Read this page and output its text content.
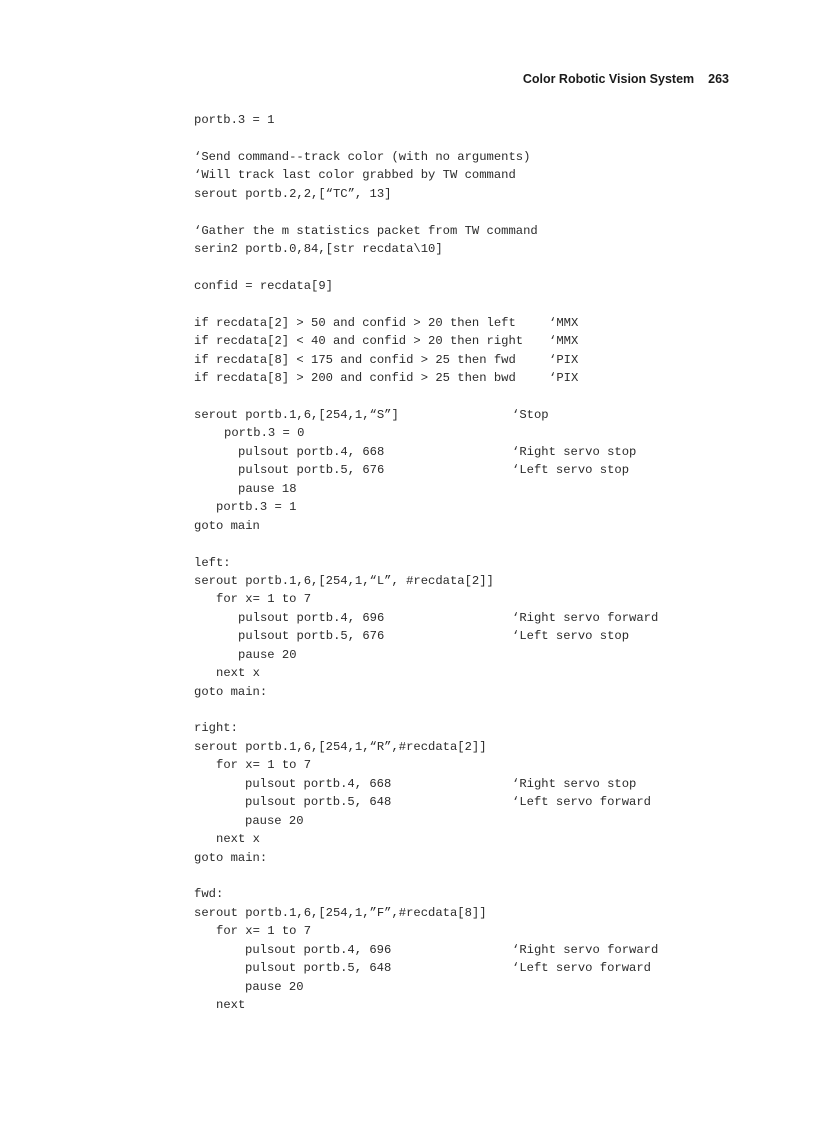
Color Robotic Vision System 263
portb.3 = 1
‘Send command--track color (with no arguments)
‘Will track last color grabbed by TW command
serout portb.2,2,[“TC”, 13]
‘Gather the m statistics packet from TW command
serin2 portb.0,84,[str recdata\10]
confid = recdata[9]
if recdata[2] > 50 and confid > 20 then left	‘MMX
if recdata[2] < 40 and confid > 20 then right ‘MMX
if recdata[8] < 175 and confid > 25 then fwd	‘PIX
if recdata[8] > 200 and confid > 25 then bwd	‘PIX
serout portb.1,6,[254,1,“S”]	‘Stop
portb.3 = 0
pulsout portb.4, 668	‘Right servo stop
pulsout portb.5, 676	‘Left servo stop
pause 18
portb.3 = 1
goto main
left:
serout portb.1,6,[254,1,“L”, #recdata[2]]
for x= 1 to 7
pulsout portb.4, 696	‘Right servo forward
pulsout portb.5, 676	‘Left servo stop
pause 20
next x
goto main:
right:
serout portb.1,6,[254,1,“R”,#recdata[2]]
for x= 1 to 7
pulsout portb.4, 668	‘Right servo stop
pulsout portb.5, 648	‘Left servo forward
pause 20
next x
goto main:
fwd:
serout portb.1,6,[254,1,”F”,#recdata[8]]
for x= 1 to 7
pulsout portb.4, 696	‘Right servo forward
pulsout portb.5, 648	‘Left servo forward
pause 20
next
